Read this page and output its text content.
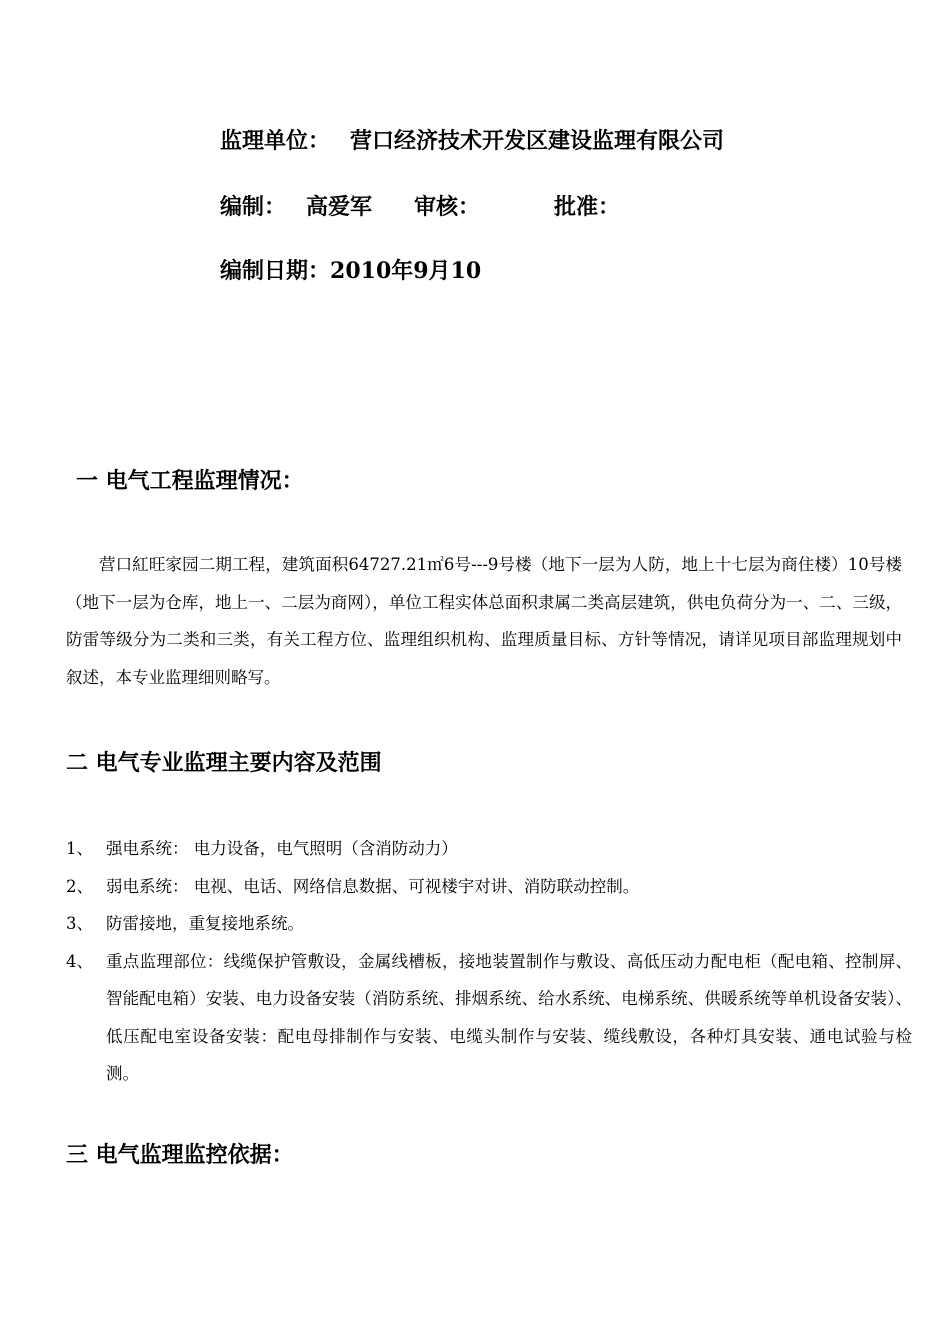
监理单位： 营口经济技术开发区建设监理有限公司
编制： 高爱军 审核：	批准：
编制日期：2010年9月10
一 电气工程监理情况：

营口紅旺家园二期工程，建筑面积64727.21㎡6号---9号楼（地下一层为人防，地上十七层为商住楼）10号楼（地下一层为仓库，地上一、二层为商网），单位工程实体总面积隶属二类高层建筑，供电负荷分为一、二、三级，防雷等级分为二类和三类，有关工程方位、监理组织机构、监理质量目标、方针等情况，请详见项目部监理规划中叙述，本专业监理细则略写。

二 电气专业监理主要内容及范围
1、 强电系统： 电力设备，电气照明（含消防动力）
2、 弱电系统： 电视、电话、网络信息数据、可视楼宇对讲、消防联动控制。
3、 防雷接地，重复接地系统。
4、 重点监理部位：线缆保护管敷设，金属线槽板，接地装置制作与敷设、高低压动力配电柜（配电箱、控制屏、智能配电箱）安装、电力设备安装（消防系统、排烟系统、给水系统、电梯系统、供暖系统等单机设备安装）、低压配电室设备安装：配电母排制作与安装、电缆头制作与安装、缆线敷设，各种灯具安装、通电试验与检测。
三 电气监理监控依据：
